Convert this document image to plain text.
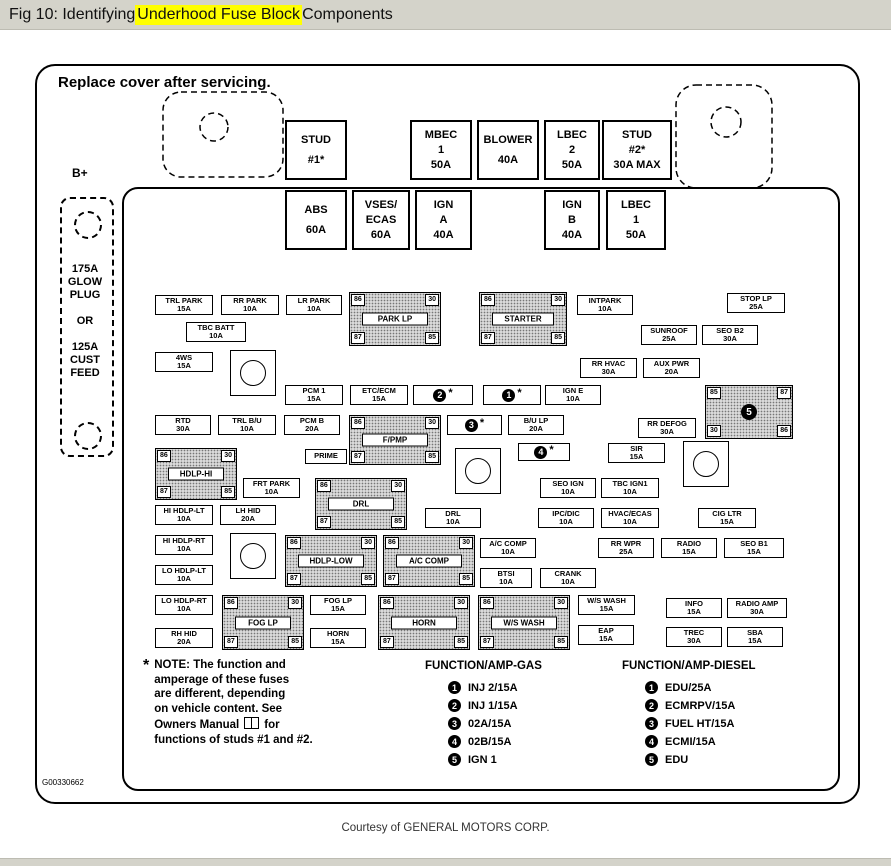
Fig 10: Identifying Underhood Fuse Block Components
Replace cover after servicing.
B+
175A
GLOW
PLUG

OR

125A
CUST
FEED
STUD
#1*
MBEC
1
50A
BLOWER
40A
LBEC
2
50A
STUD
#2*
30A MAX
ABS
60A
VSES/
ECAS
60A
IGN
A
40A
IGN
B
40A
LBEC
1
50A
TRL PARK
15A
RR PARK
10A
LR PARK
10A
INTPARK
10A
STOP LP
25A
TBC BATT
10A
SUNROOF
25A
SEO B2
30A
4WS
15A	RR HVAC
30A
AUX PWR
20A
PCM 1
15A
ETC/ECM
15A
IGN E
10A
RTD
30A
TRL B/U
10A
PCM B
20A
B/U LP
20A
RR DEFOG
30A
PRIME
SIR
15A
FRT PARK
10A
SEO IGN
10A
TBC IGN1
10A
HI HDLP-LT
10A
LH HID
20A
DRL
10A
IPC/DIC
10A
HVAC/ECAS
10A
CIG LTR
15A
HI HDLP-RT
10A
A/C COMP
10A
RR WPR
25A
RADIO
15A
SEO B1
15A
LO HDLP-LT
10A
BTSI
10A
CRANK
10A
LO HDLP-RT
10A
FOG LP
15A
W/S WASH
15A
INFO
15A
RADIO AMP
30A
RH HID
20A
HORN
15A
EAP
15A
TREC
30A
SBA
15A
86	30
87	85
PARK LP
86	30
87	85
STARTER
85	87
30	86
5
86	30
87	85
F/PMP
86	30
87	85
HDLP-HI
86	30
87	85
DRL
86	30
87	85
HDLP-LOW
86	30
87	85
A/C COMP
86	30
87	85
FOG LP
86	30
87	85
HORN
86	30
87	85
W/S WASH
2 *	1 *
3 *
4 *
* NOTE: The function and
amperage of these fuses
are different, depending
on vehicle content. See
Owners Manual for
functions of studs #1 and #2.
FUNCTION/AMP-GAS
1	INJ 2/15A
2	INJ 1/15A
3	02A/15A
4	02B/15A
5	IGN 1
FUNCTION/AMP-DIESEL
1	EDU/25A
2	ECMRPV/15A
3	FUEL HT/15A
4	ECMI/15A
5	EDU
G00330662
Courtesy of GENERAL MOTORS CORP.
